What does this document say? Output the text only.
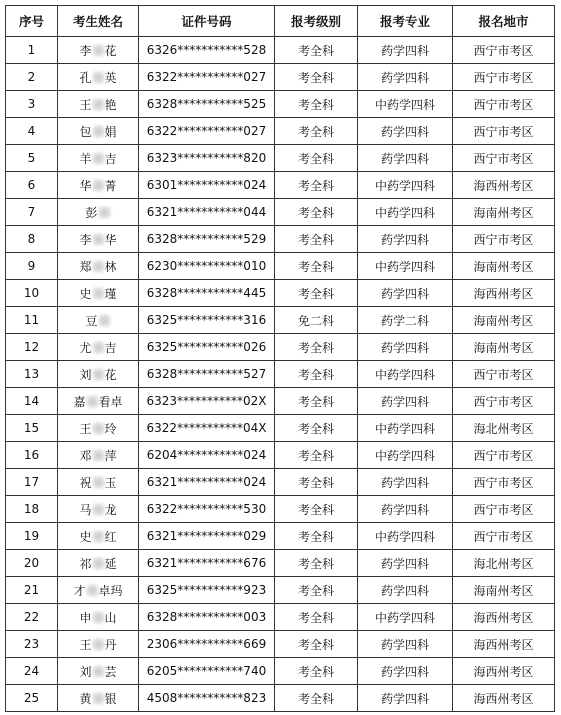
序号	考生姓名	证件号码	报考级别	报考专业	报名地市
1	李 花	6326***********528	考全科	药学四科	西宁市考区
2	孔 英	6322***********027	考全科	药学四科	西宁市考区
3	王 艳	6328***********525	考全科	中药学四科	西宁市考区
4	包 娟	6322***********027	考全科	药学四科	西宁市考区
5	羊 吉	6323***********820	考全科	药学四科	西宁市考区
6	华 菁	6301***********024	考全科	中药学四科	海西州考区
7	彭	6321***********044	考全科	中药学四科	海南州考区
8	李 华	6328***********529	考全科	药学四科	西宁市考区
9	郑 林	6230***********010	考全科	中药学四科	海南州考区
10	史 瑾	6328***********445	考全科	药学四科	海西州考区
11	豆	6325***********316	免二科	药学二科	海南州考区
12	尤 吉	6325***********026	考全科	药学四科	海南州考区
13	刘 花	6328***********527	考全科	中药学四科	西宁市考区
14	嘉 看卓	6323***********02X	考全科	药学四科	西宁市考区
15	王 玲	6322***********04X	考全科	中药学四科	海北州考区
16	邓 萍	6204***********024	考全科	中药学四科	西宁市考区
17	祝 玉	6321***********024	考全科	药学四科	西宁市考区
18	马 龙	6322***********530	考全科	药学四科	西宁市考区
19	史 红	6321***********029	考全科	中药学四科	西宁市考区
20	祁 延	6321***********676	考全科	药学四科	海北州考区
21	才 卓玛	6325***********923	考全科	药学四科	海南州考区
22	申 山	6328***********003	考全科	中药学四科	海西州考区
23	王 丹	2306***********669	考全科	药学四科	海西州考区
24	刘 芸	6205***********740	考全科	药学四科	海西州考区
25	黄 银	4508***********823	考全科	药学四科	海西州考区
